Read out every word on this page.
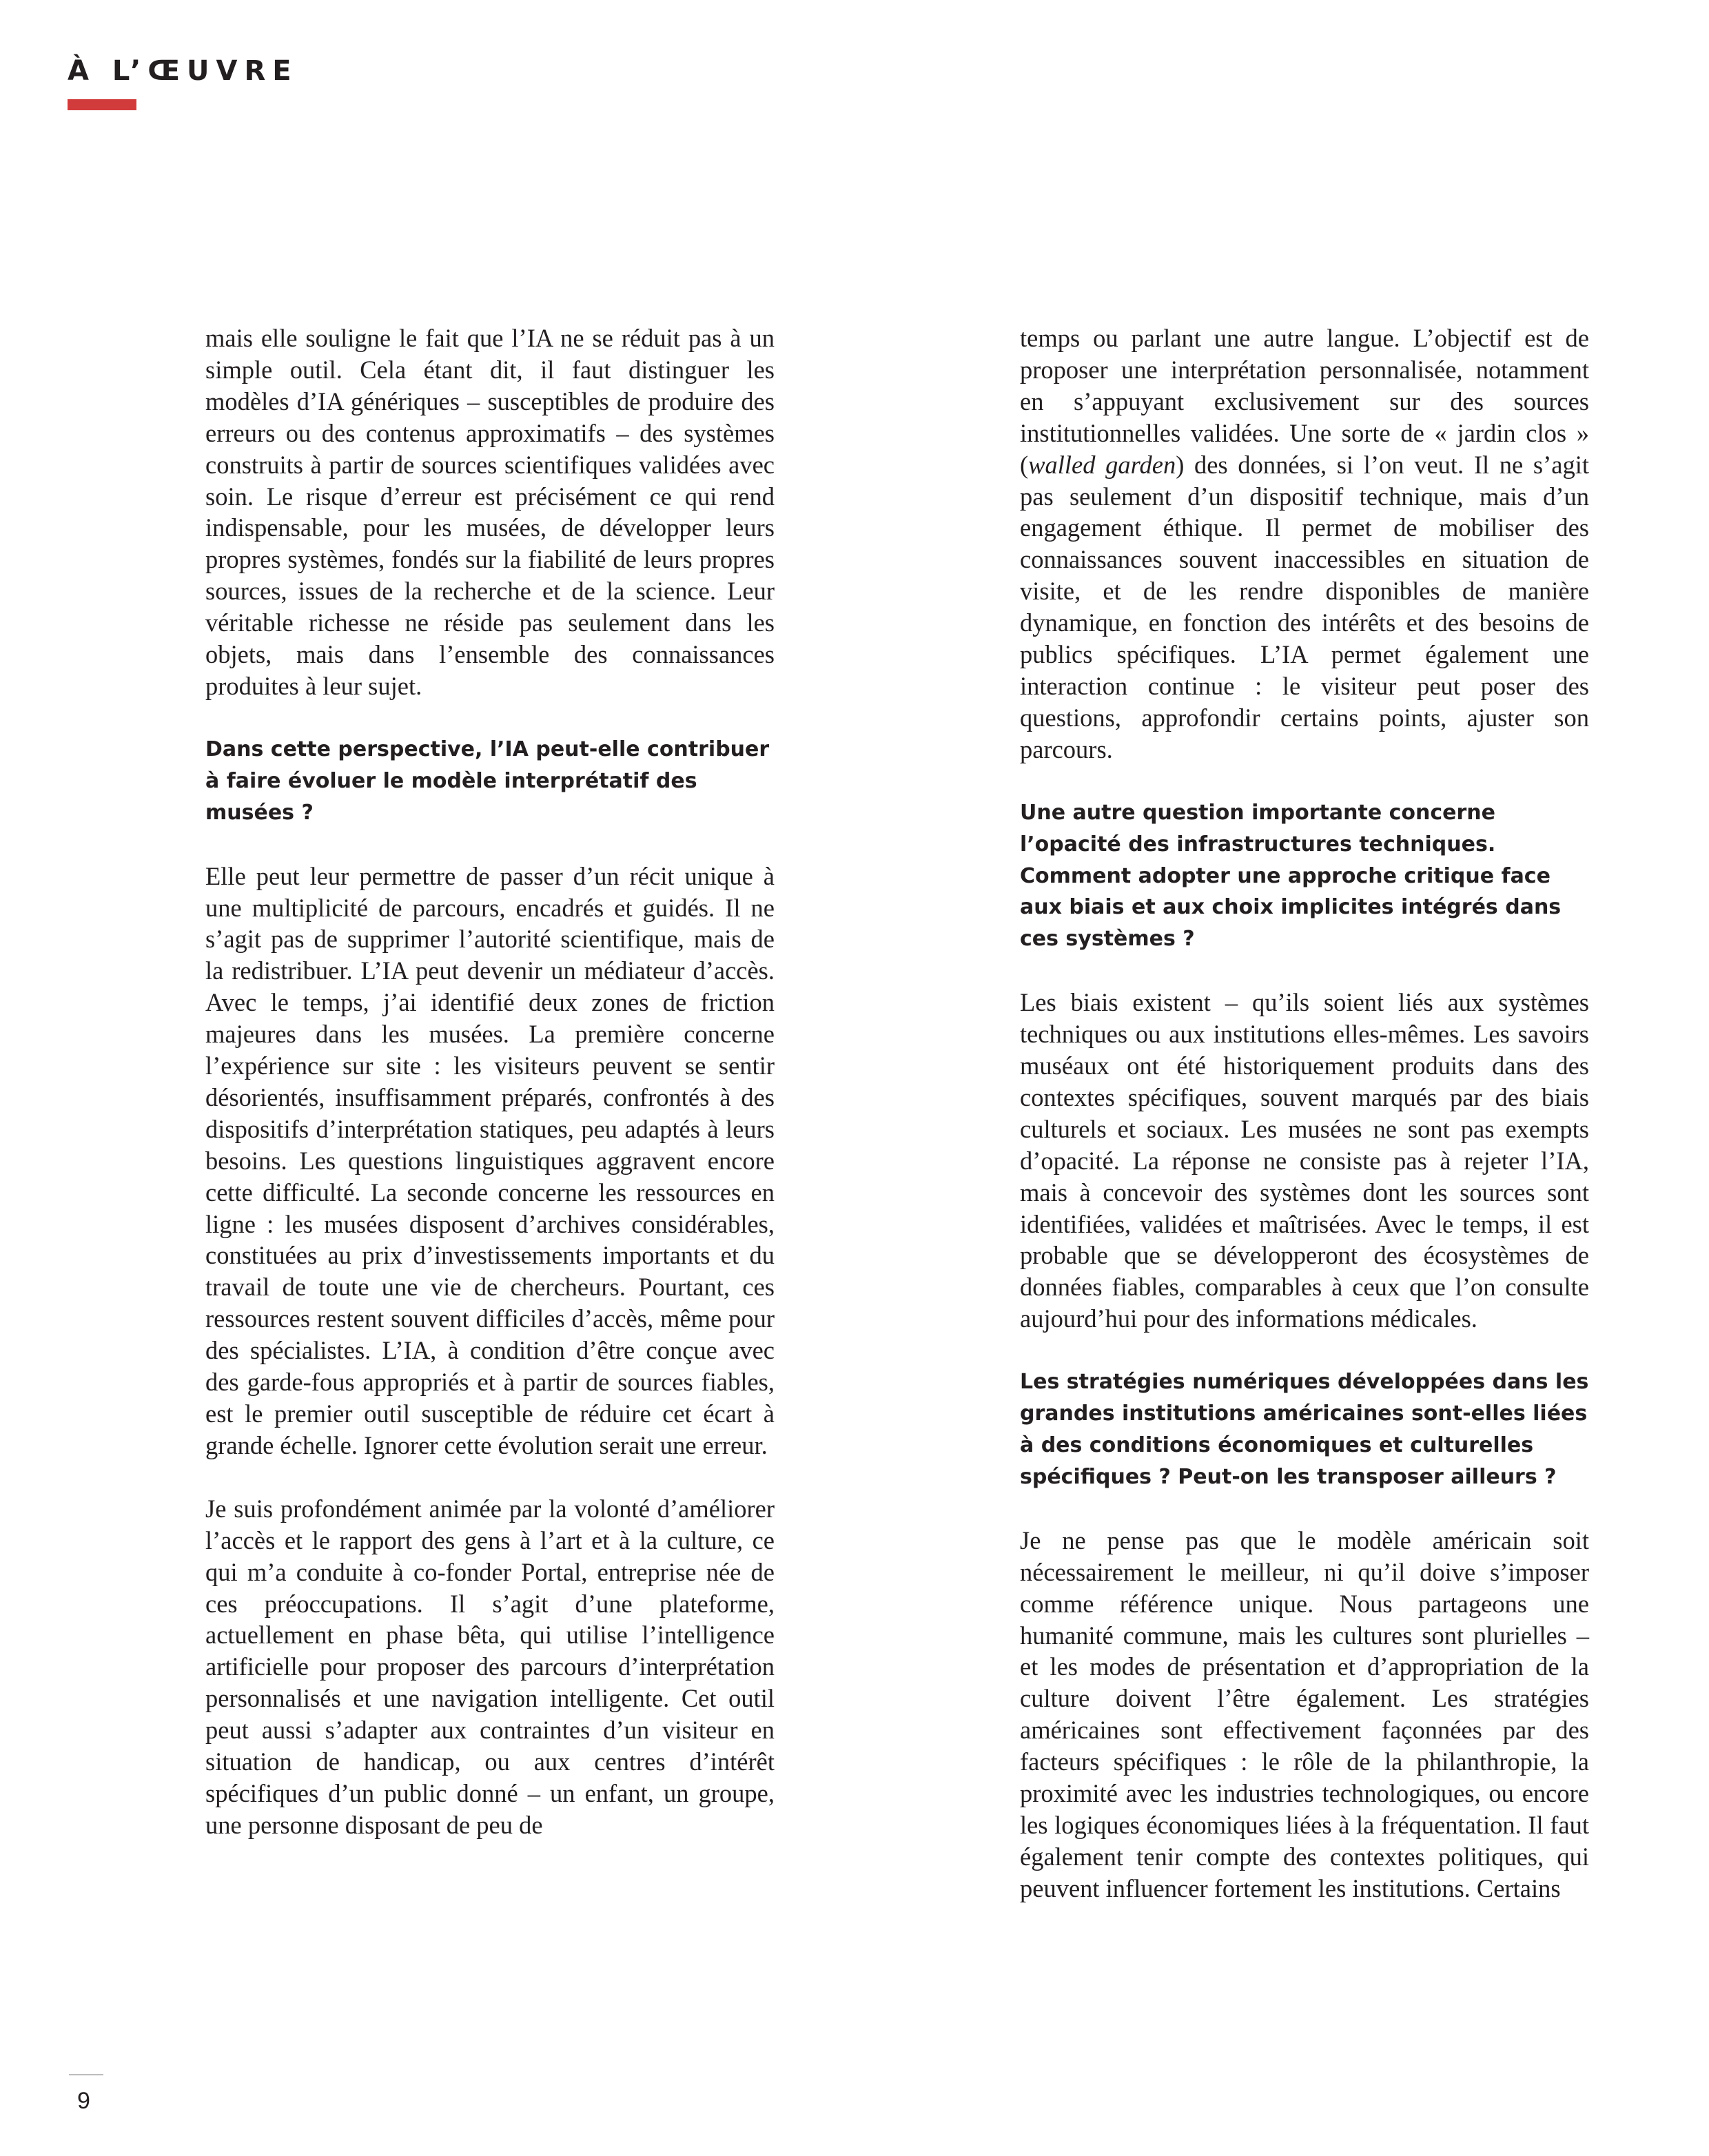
À L’ŒUVRE

mais elle souligne le fait que l’IA ne se réduit pas à un simple outil. Cela étant dit, il faut distinguer les modèles d’IA génériques – susceptibles de produire des erreurs ou des contenus approximatifs – des systèmes construits à partir de sources scientifiques validées avec soin. Le risque d’erreur est précisément ce qui rend indispensable, pour les musées, de développer leurs propres systèmes, fondés sur la fiabilité de leurs propres sources, issues de la recherche et de la science. Leur véritable richesse ne réside pas seulement dans les objets, mais dans l’ensemble des connaissances produites à leur sujet.

Dans cette perspective, l’IA peut-elle contribuer à faire évoluer le modèle interprétatif des musées ?

Elle peut leur permettre de passer d’un récit unique à une multiplicité de parcours, encadrés et guidés. Il ne s’agit pas de supprimer l’autorité scientifique, mais de la redistribuer. L’IA peut devenir un médiateur d’accès. Avec le temps, j’ai identifié deux zones de friction majeures dans les musées. La première concerne l’expérience sur site : les visiteurs peuvent se sentir désorientés, insuffisamment préparés, confrontés à des dispositifs d’interprétation statiques, peu adaptés à leurs besoins. Les questions linguistiques aggravent encore cette difficulté. La seconde concerne les ressources en ligne : les musées disposent d’archives considérables, constituées au prix d’investissements importants et du travail de toute une vie de chercheurs. Pourtant, ces ressources restent souvent difficiles d’accès, même pour des spécialistes. L’IA, à condition d’être conçue avec des garde-fous appropriés et à partir de sources fiables, est le premier outil susceptible de réduire cet écart à grande échelle. Ignorer cette évolution serait une erreur.

Je suis profondément animée par la volonté d’améliorer l’accès et le rapport des gens à l’art et à la culture, ce qui m’a conduite à co-fonder Portal, entreprise née de ces préoccupations. Il s’agit d’une plateforme, actuellement en phase bêta, qui utilise l’intelligence artificielle pour proposer des parcours d’interprétation personnalisés et une navigation intelligente. Cet outil peut aussi s’adapter aux contraintes d’un visiteur en situation de handicap, ou aux centres d’intérêt spécifiques d’un public donné – un enfant, un groupe, une personne disposant de peu de

temps ou parlant une autre langue. L’objectif est de proposer une interprétation personnalisée, notamment en s’appuyant exclusivement sur des sources institutionnelles validées. Une sorte de « jardin clos » (walled garden) des données, si l’on veut. Il ne s’agit pas seulement d’un dispositif technique, mais d’un engagement éthique. Il permet de mobiliser des connaissances souvent inaccessibles en situation de visite, et de les rendre disponibles de manière dynamique, en fonction des intérêts et des besoins de publics spécifiques. L’IA permet également une interaction continue : le visiteur peut poser des questions, approfondir certains points, ajuster son parcours.

Une autre question importante concerne l’opacité des infrastructures techniques. Comment adopter une approche critique face aux biais et aux choix implicites intégrés dans ces systèmes ?

Les biais existent – qu’ils soient liés aux systèmes techniques ou aux institutions elles-mêmes. Les savoirs muséaux ont été historiquement produits dans des contextes spécifiques, souvent marqués par des biais culturels et sociaux. Les musées ne sont pas exempts d’opacité. La réponse ne consiste pas à rejeter l’IA, mais à concevoir des systèmes dont les sources sont identifiées, validées et maîtrisées. Avec le temps, il est probable que se développeront des écosystèmes de données fiables, comparables à ceux que l’on consulte aujourd’hui pour des informations médicales.

Les stratégies numériques développées dans les grandes institutions américaines sont-elles liées à des conditions économiques et culturelles spécifiques ? Peut-on les transposer ailleurs ?

Je ne pense pas que le modèle américain soit nécessairement le meilleur, ni qu’il doive s’imposer comme référence unique. Nous partageons une humanité commune, mais les cultures sont plurielles – et les modes de présentation et d’appropriation de la culture doivent l’être également. Les stratégies américaines sont effectivement façonnées par des facteurs spécifiques : le rôle de la philanthropie, la proximité avec les industries technologiques, ou encore les logiques économiques liées à la fréquentation. Il faut également tenir compte des contextes politiques, qui peuvent influencer fortement les institutions. Certains

9
